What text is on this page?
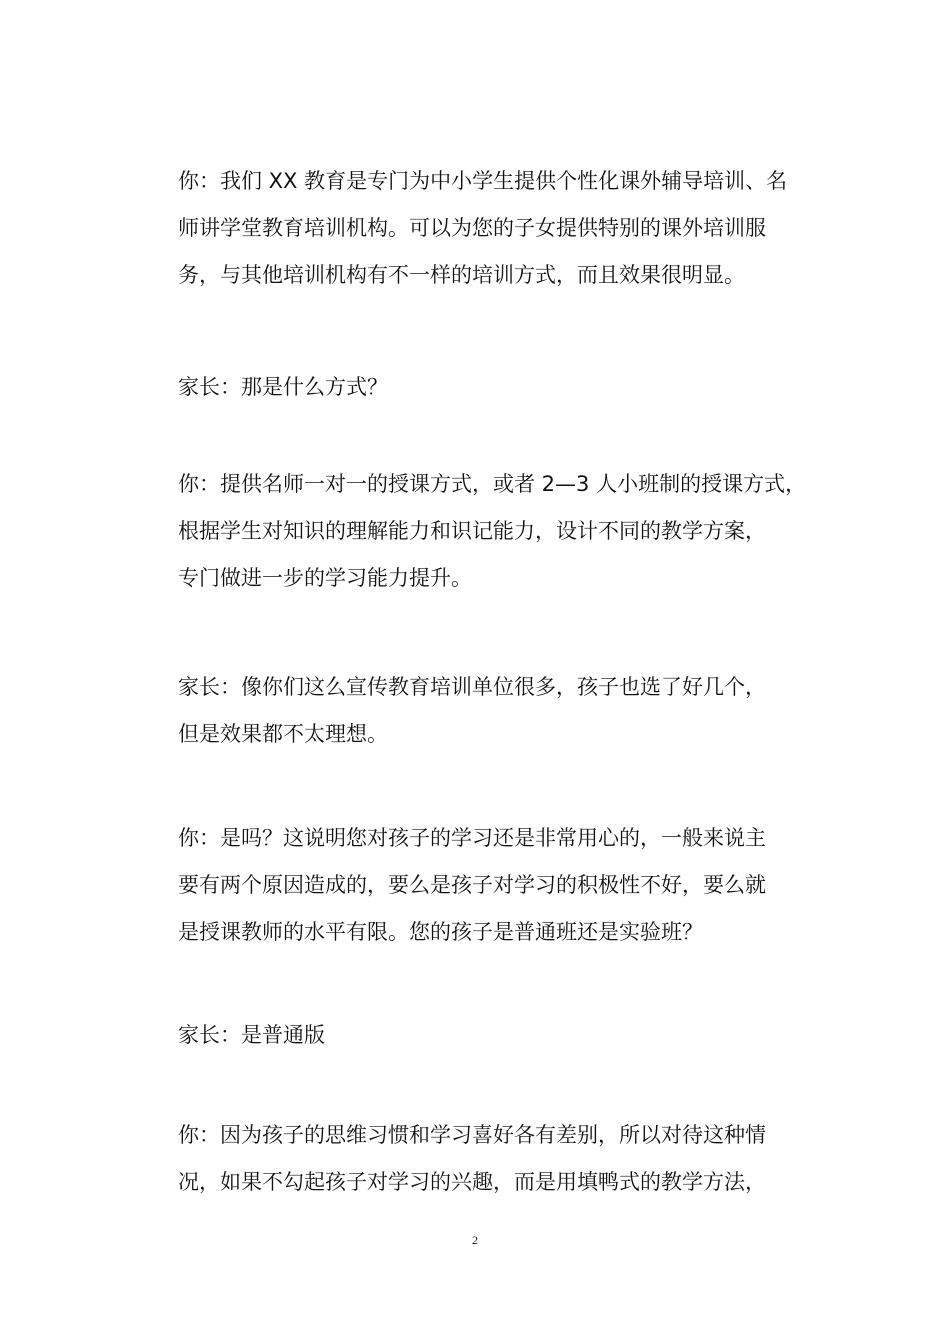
你：我们 XX 教育是专门为中小学生提供个性化课外辅导培训、名
师讲学堂教育培训机构。可以为您的子女提供特别的课外培训服
务，与其他培训机构有不一样的培训方式，而且效果很明显。
家长：那是什么方式？
你：提供名师一对一的授课方式，或者 2—3 人小班制的授课方式，
根据学生对知识的理解能力和识记能力，设计不同的教学方案，
专门做进一步的学习能力提升。
家长：像你们这么宣传教育培训单位很多，孩子也选了好几个，
但是效果都不太理想。
你：是吗？这说明您对孩子的学习还是非常用心的，一般来说主
要有两个原因造成的，要么是孩子对学习的积极性不好，要么就
是授课教师的水平有限。您的孩子是普通班还是实验班？
家长：是普通版
你：因为孩子的思维习惯和学习喜好各有差别，所以对待这种情
况，如果不勾起孩子对学习的兴趣，而是用填鸭式的教学方法，
2
